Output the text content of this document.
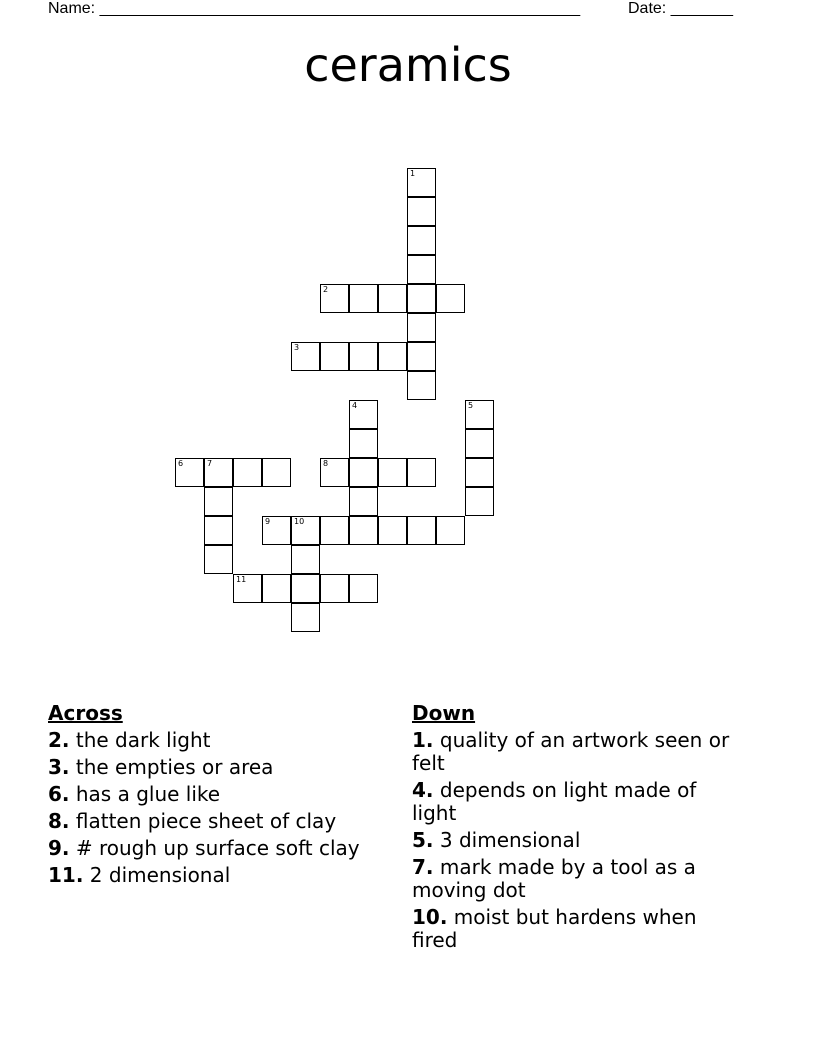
Name: ______________________________________________________	Date: _______
ceramics
1
2
3
4	5
6	7	8
9	10
11
Across
2. the dark light
3. the empties or area
6. has a glue like
8. flatten piece sheet of clay
9. # rough up surface soft clay
11. 2 dimensional
Down
1. quality of an artwork seen or felt
4. depends on light made of light
5. 3 dimensional
7. mark made by a tool as a moving dot
10. moist but hardens when fired
